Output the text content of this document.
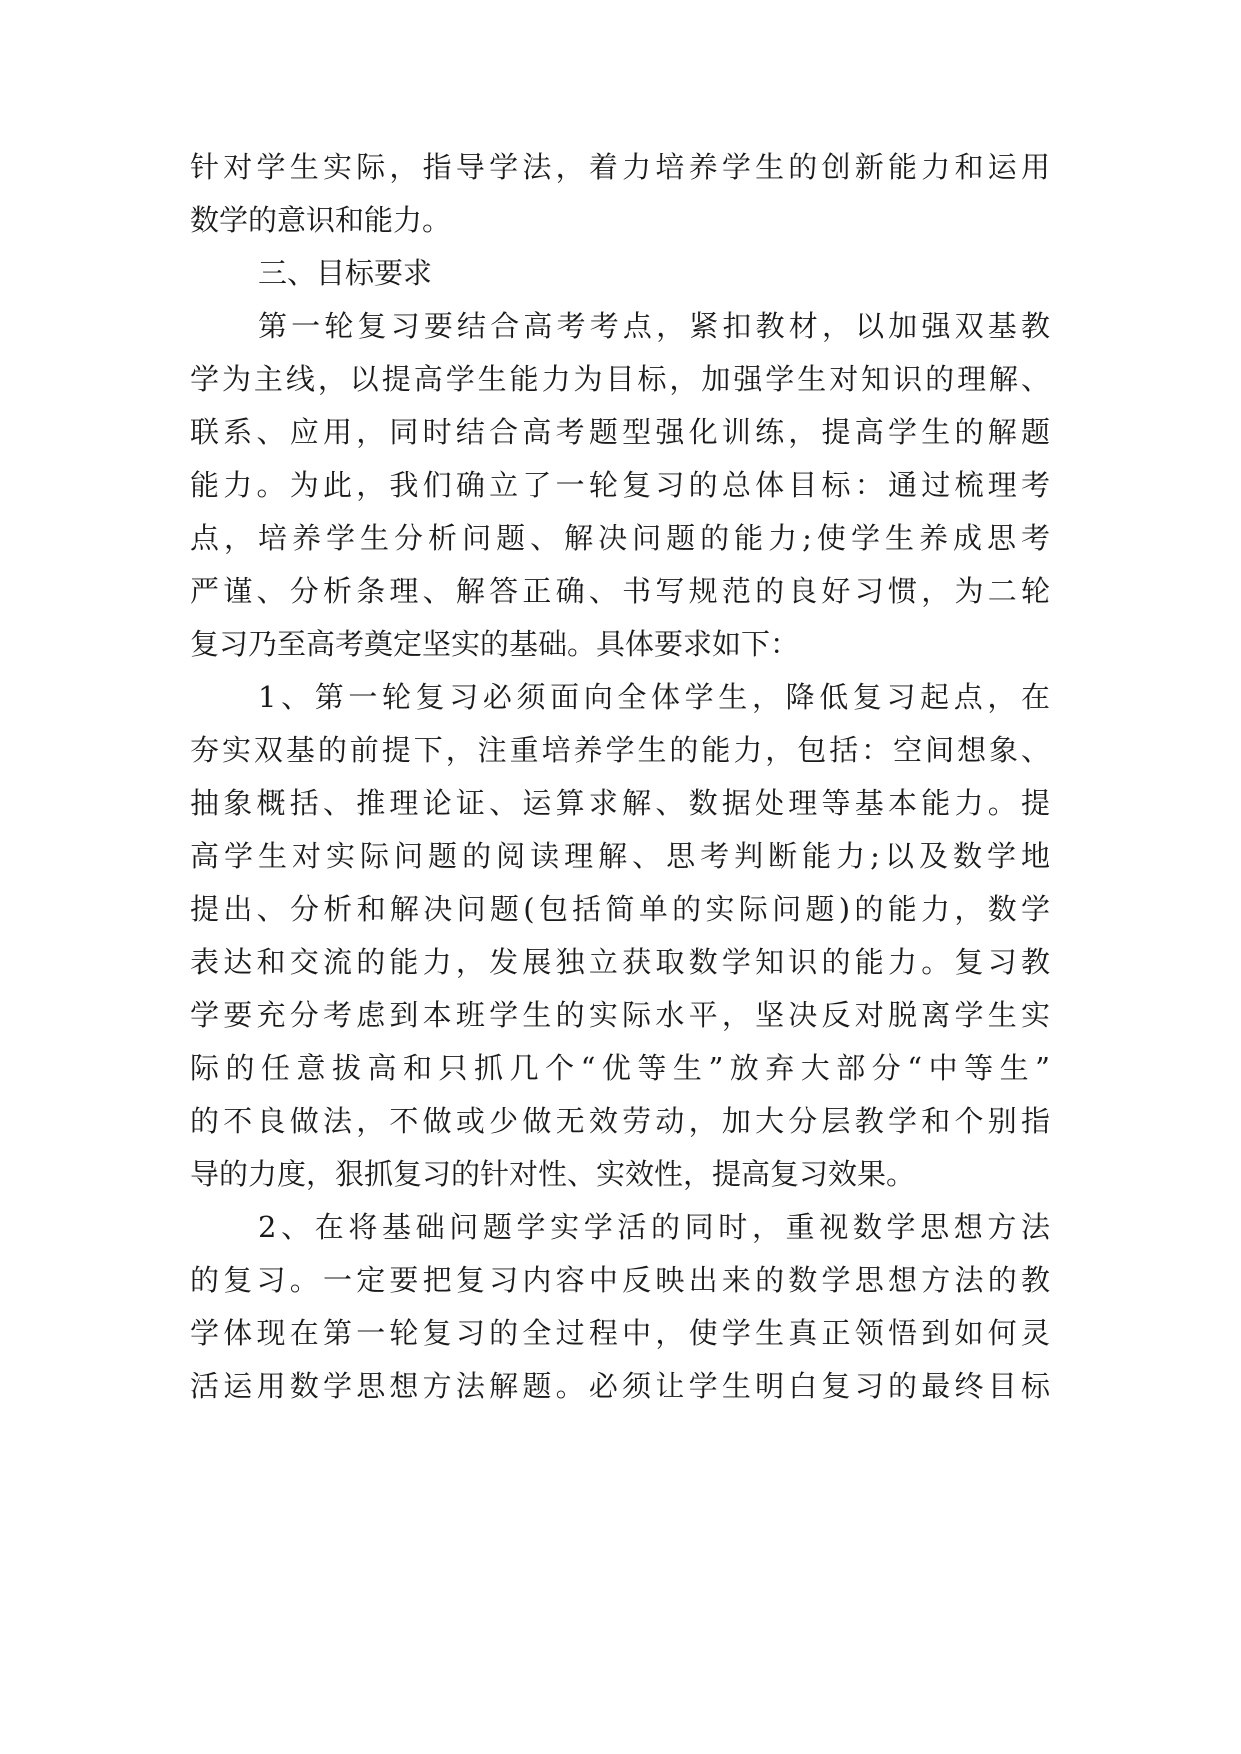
针对学生实际，指导学法，着力培养学生的创新能力和运用
数学的意识和能力。
三、目标要求
第一轮复习要结合高考考点，紧扣教材，以加强双基教
学为主线，以提高学生能力为目标，加强学生对知识的理解、
联系、应用，同时结合高考题型强化训练，提高学生的解题
能力。为此，我们确立了一轮复习的总体目标：通过梳理考
点，培养学生分析问题、解决问题的能力;使学生养成思考
严谨、分析条理、解答正确、书写规范的良好习惯，为二轮
复习乃至高考奠定坚实的基础。具体要求如下：
1、第一轮复习必须面向全体学生，降低复习起点，在
夯实双基的前提下，注重培养学生的能力，包括：空间想象、
抽象概括、推理论证、运算求解、数据处理等基本能力。提
高学生对实际问题的阅读理解、思考判断能力;以及数学地
提出、分析和解决问题(包括简单的实际问题)的能力，数学
表达和交流的能力，发展独立获取数学知识的能力。复习教
学要充分考虑到本班学生的实际水平，坚决反对脱离学生实
际的任意拔高和只抓几个“优等生”放弃大部分“中等生”
的不良做法，不做或少做无效劳动，加大分层教学和个别指
导的力度，狠抓复习的针对性、实效性，提高复习效果。
2、在将基础问题学实学活的同时，重视数学思想方法
的复习。一定要把复习内容中反映出来的数学思想方法的教
学体现在第一轮复习的全过程中，使学生真正领悟到如何灵
活运用数学思想方法解题。必须让学生明白复习的最终目标
